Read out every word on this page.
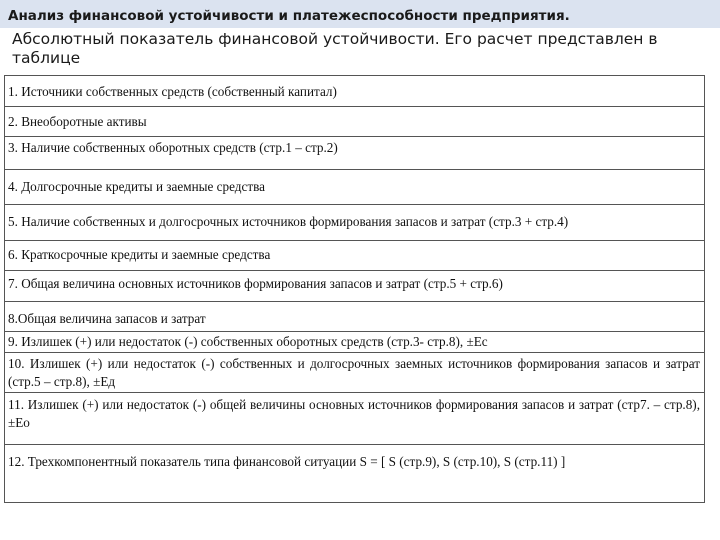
Анализ финансовой устойчивости и платежеспособности предприятия.
Абсолютный показатель финансовой устойчивости. Его расчет представлен в таблице
1. Источники собственных средств (собственный капитал)
2. Внеоборотные активы
3. Наличие собственных оборотных средств (стр.1 – стр.2)
4. Долгосрочные кредиты и заемные средства
5. Наличие собственных и долгосрочных источников формирования запасов и затрат (стр.3 + стр.4)
6. Краткосрочные кредиты и заемные средства
7. Общая величина основных источников формирования запасов и затрат (стр.5 + стр.6)
8.Общая величина запасов и затрат
9. Излишек (+) или недостаток (-) собственных оборотных средств (стр.3- стр.8), ±Ес
10. Излишек (+) или недостаток (-) собственных и долгосрочных заемных источников формирования запасов и затрат (стр.5 – стр.8), ±Ед
11. Излишек (+) или недостаток (-) общей величины основных источников формирования запасов и затрат (стр7. – стр.8), ±Ео
12. Трехкомпонентный показатель типа финансовой ситуации S = [ S (стр.9), S (стр.10), S (стр.11) ]
